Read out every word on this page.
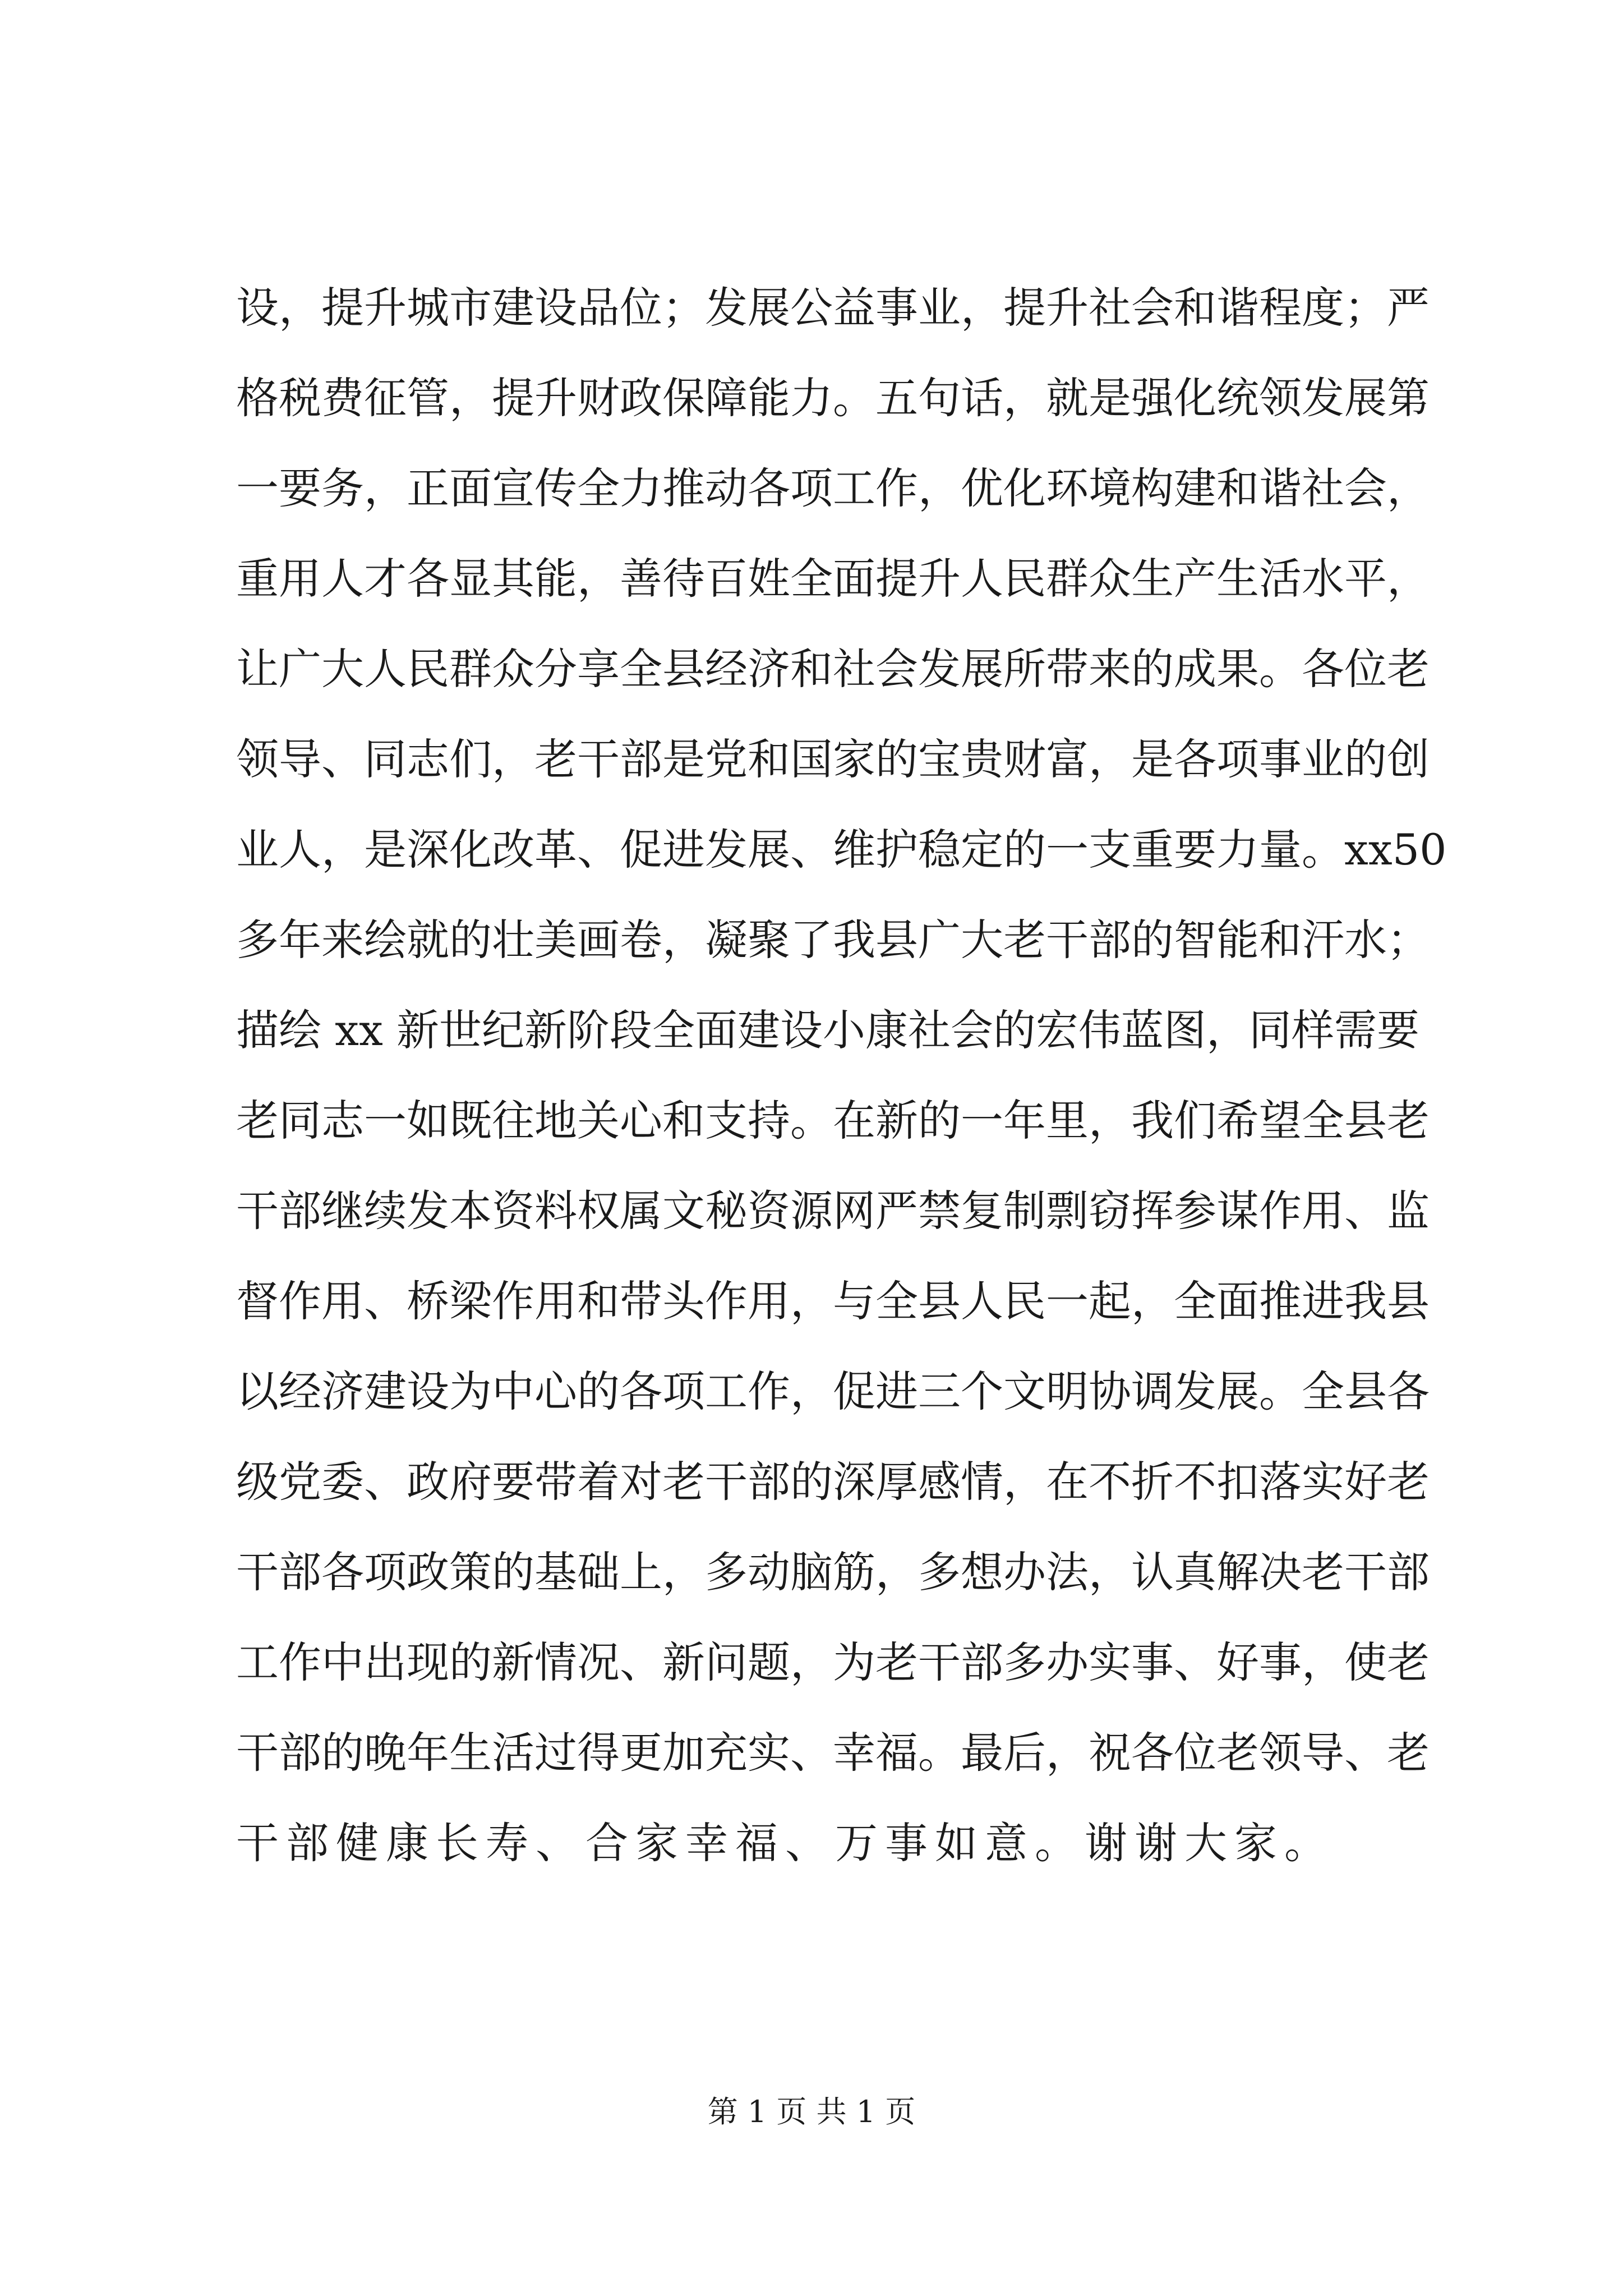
设，提升城市建设品位；发展公益事业，提升社会和谐程度；严
格税费征管，提升财政保障能力。五句话，就是强化统领发展第
一要务，正面宣传全力推动各项工作，优化环境构建和谐社会，
重用人才各显其能，善待百姓全面提升人民群众生产生活水平，
让广大人民群众分享全县经济和社会发展所带来的成果。各位老
领导、同志们，老干部是党和国家的宝贵财富，是各项事业的创
业人，是深化改革、促进发展、维护稳定的一支重要力量。xx50
多年来绘就的壮美画卷，凝聚了我县广大老干部的智能和汗水；
描绘 xx 新世纪新阶段全面建设小康社会的宏伟蓝图，同样需要
老同志一如既往地关心和支持。在新的一年里，我们希望全县老
干部继续发本资料权属文秘资源网严禁复制剽窃挥参谋作用、监
督作用、桥梁作用和带头作用，与全县人民一起，全面推进我县
以经济建设为中心的各项工作，促进三个文明协调发展。全县各
级党委、政府要带着对老干部的深厚感情，在不折不扣落实好老
干部各项政策的基础上，多动脑筋，多想办法，认真解决老干部
工作中出现的新情况、新问题，为老干部多办实事、好事，使老
干部的晚年生活过得更加充实、幸福。最后，祝各位老领导、老
干部健康长寿、合家幸福、万事如意。谢谢大家。
第 1 页 共 1 页
